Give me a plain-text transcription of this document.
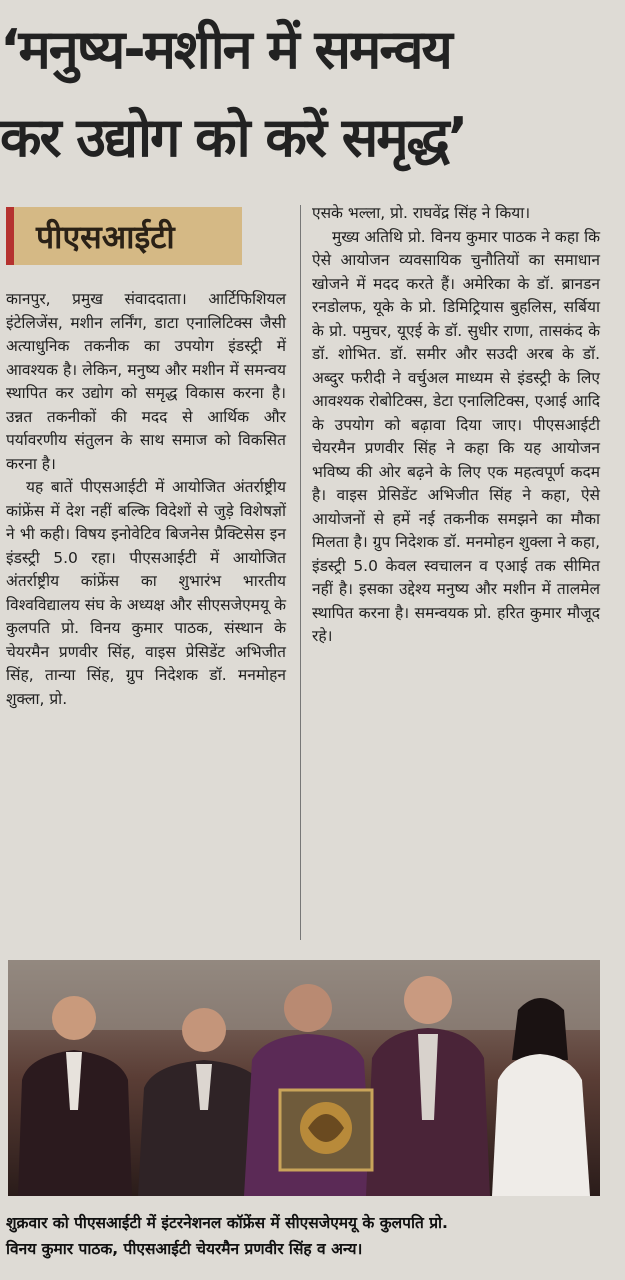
‘मनुष्य-मशीन में समन्वय
कर उद्योग को करें समृद्ध’
पीएसआईटी

कानपुर, प्रमुख संवाददाता। आर्टिफिशियल इंटेलिजेंस, मशीन लर्निंग, डाटा एनालिटिक्स जैसी अत्याधुनिक तकनीक का उपयोग इंडस्ट्री में आवश्यक है। लेकिन, मनुष्य और मशीन में समन्वय स्थापित कर उद्योग को समृद्ध विकास करना है। उन्नत तकनीकों की मदद से आर्थिक और पर्यावरणीय संतुलन के साथ समाज को विकसित करना है।

यह बातें पीएसआईटी में आयोजित अंतर्राष्ट्रीय कांफ्रेंस में देश नहीं बल्कि विदेशों से जुड़े विशेषज्ञों ने भी कही। विषय इनोवेटिव बिजनेस प्रैक्टिसेस इन इंडस्ट्री 5.0 रहा। पीएसआईटी में आयोजित अंतर्राष्ट्रीय कांफ्रेंस का शुभारंभ भारतीय विश्वविद्यालय संघ के अध्यक्ष और सीएसजेएमयू के कुलपति प्रो. विनय कुमार पाठक, संस्थान के चेयरमैन प्रणवीर सिंह, वाइस प्रेसिडेंट अभिजीत सिंह, तान्या सिंह, ग्रुप निदेशक डॉ. मनमोहन शुक्ला, प्रो.

एसके भल्ला, प्रो. राघवेंद्र सिंह ने किया।

मुख्य अतिथि प्रो. विनय कुमार पाठक ने कहा कि ऐसे आयोजन व्यवसायिक चुनौतियों का समाधान खोजने में मदद करते हैं। अमेरिका के डॉ. ब्रानडन रनडोलफ, यूके के प्रो. डिमिट्रियास बुहलिस, सर्बिया के प्रो. पमुचर, यूएई के डॉ. सुधीर राणा, तासकंद के डॉ. शोभित. डॉ. समीर और सउदी अरब के डॉ. अब्दुर फरीदी ने वर्चुअल माध्यम से इंडस्ट्री के लिए आवश्यक रोबोटिक्स, डेटा एनालिटिक्स, एआई आदि के उपयोग को बढ़ावा दिया जाए। पीएसआईटी चेयरमैन प्रणवीर सिंह ने कहा कि यह आयोजन भविष्य की ओर बढ़ने के लिए एक महत्वपूर्ण कदम है। वाइस प्रेसिडेंट अभिजीत सिंह ने कहा, ऐसे आयोजनों से हमें नई तकनीक समझने का मौका मिलता है। ग्रुप निदेशक डॉ. मनमोहन शुक्ला ने कहा, इंडस्ट्री 5.0 केवल स्वचालन व एआई तक सीमित नहीं है। इसका उद्देश्य मनुष्य और मशीन में तालमेल स्थापित करना है। समन्वयक प्रो. हरित कुमार मौजूद रहे।

शुक्रवार को पीएसआईटी में इंटरनेशनल कॉफ्रेंस में सीएसजेएमयू के कुलपति प्रो.
विनय कुमार पाठक, पीएसआईटी चेयरमैन प्रणवीर सिंह व अन्य।
